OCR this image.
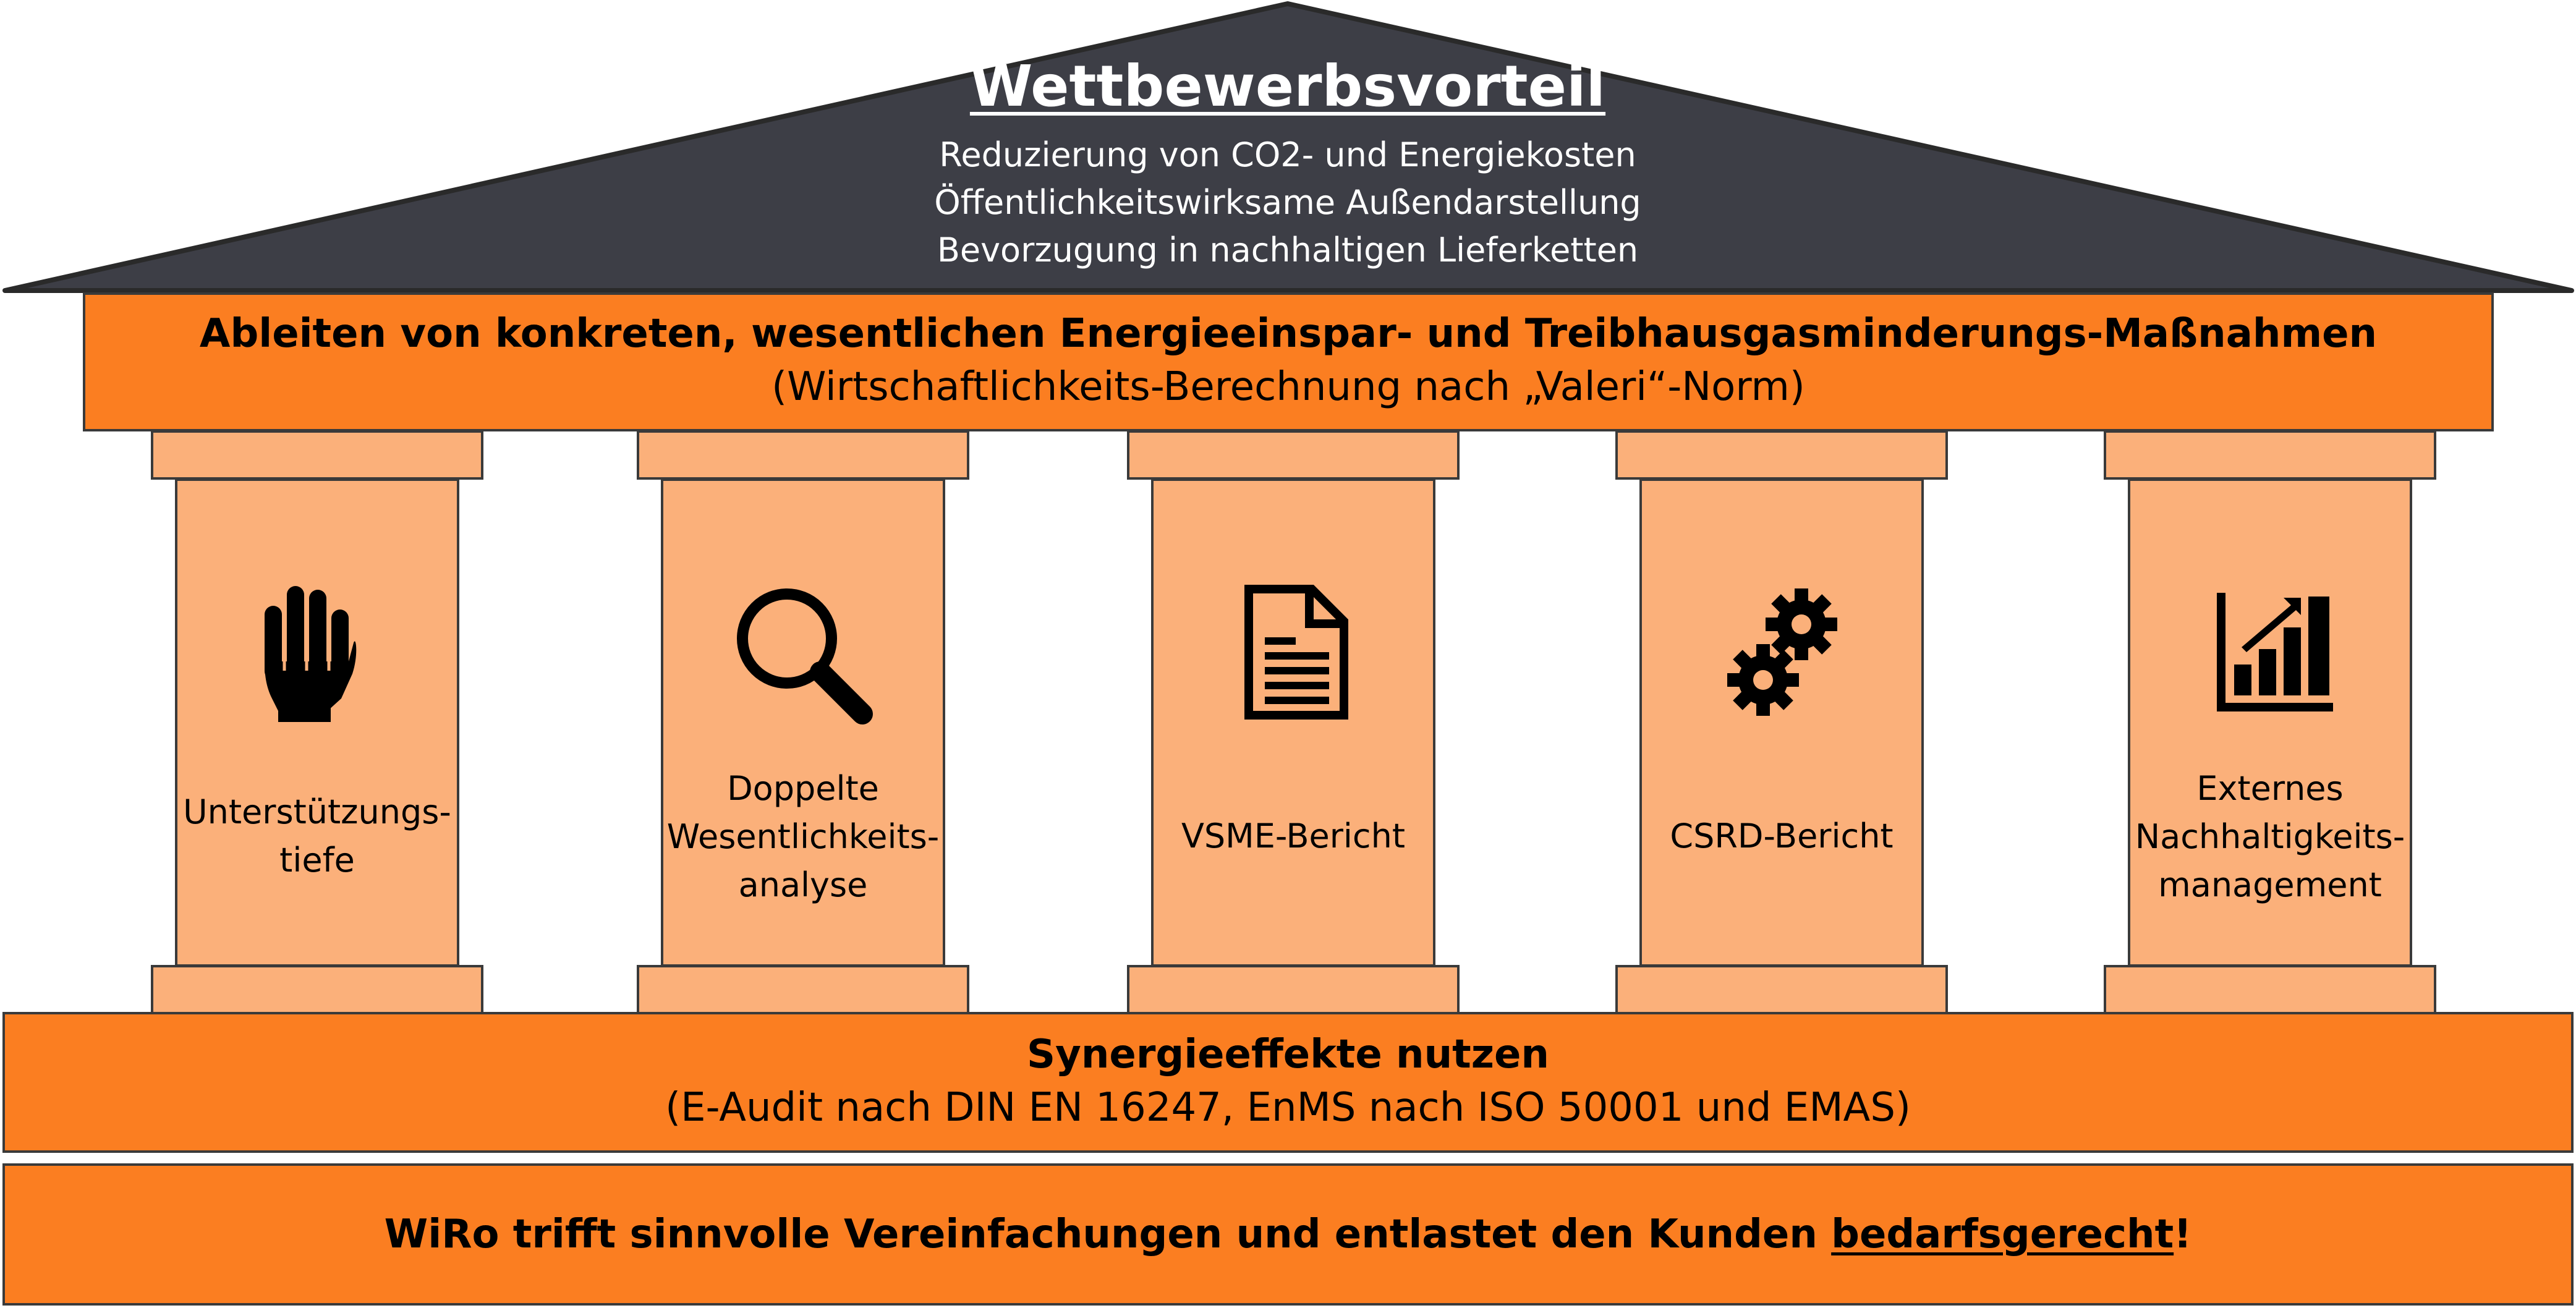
Wettbewerbsvorteil
Reduzierung von CO2- und Energiekosten
Öffentlichkeitswirksame Außendarstellung
Bevorzugung in nachhaltigen Lieferketten
Ableiten von konkreten, wesentlichen Energieeinspar- und Treibhausgasminderungs-Maßnahmen
(Wirtschaftlichkeits-Berechnung nach „Valeri“-Norm)
Unterstützungs-
tiefe
Doppelte
Wesentlichkeits-
analyse
VSME-Bericht	CSRD-Bericht
Externes
Nachhaltigkeits-
management
Synergieeffekte nutzen
(E-Audit nach DIN EN 16247, EnMS nach ISO 50001 und EMAS)
WiRo trifft sinnvolle Vereinfachungen und entlastet den Kunden bedarfsgerecht!
